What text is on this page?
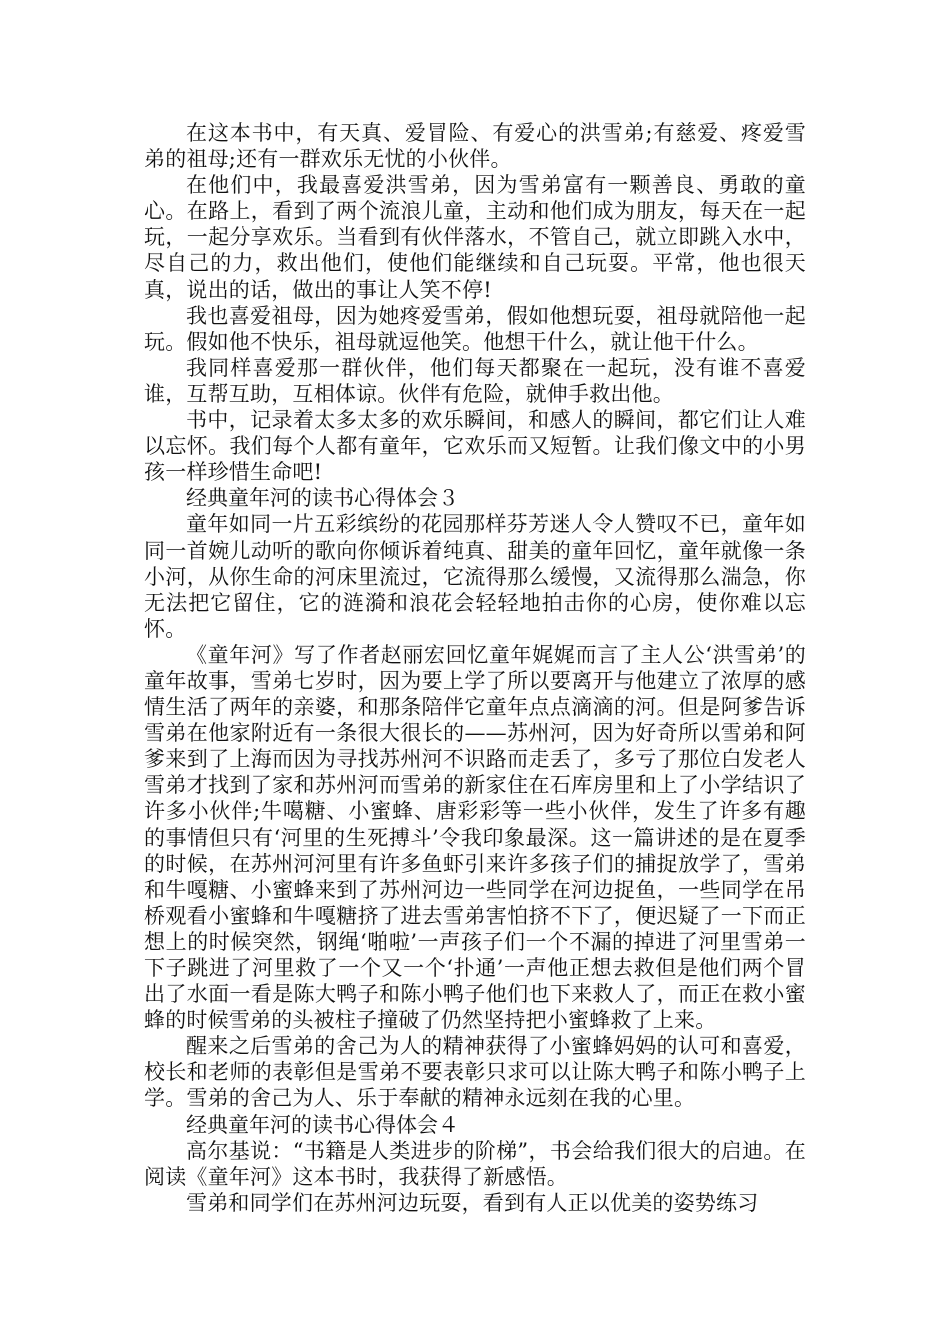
在这本书中，有天真、爱冒险、有爱心的洪雪弟;有慈爱、疼爱雪弟的祖母;还有一群欢乐无忧的小伙伴。

在他们中，我最喜爱洪雪弟，因为雪弟富有一颗善良、勇敢的童心。在路上，看到了两个流浪儿童，主动和他们成为朋友，每天在一起玩，一起分享欢乐。当看到有伙伴落水，不管自己，就立即跳入水中，尽自己的力，救出他们，使他们能继续和自己玩耍。平常，他也很天真，说出的话，做出的事让人笑不停!

我也喜爱祖母，因为她疼爱雪弟，假如他想玩耍，祖母就陪他一起玩。假如他不快乐，祖母就逗他笑。他想干什么，就让他干什么。

我同样喜爱那一群伙伴，他们每天都聚在一起玩，没有谁不喜爱谁，互帮互助，互相体谅。伙伴有危险，就伸手救出他。

书中，记录着太多太多的欢乐瞬间，和感人的瞬间，都它们让人难以忘怀。我们每个人都有童年，它欢乐而又短暂。让我们像文中的小男孩一样珍惜生命吧!

经典童年河的读书心得体会３

童年如同一片五彩缤纷的花园那样芬芳迷人令人赞叹不已，童年如同一首婉儿动听的歌向你倾诉着纯真、甜美的童年回忆，童年就像一条小河，从你生命的河床里流过，它流得那么缓慢，又流得那么湍急，你无法把它留住，它的涟漪和浪花会轻轻地拍击你的心房，使你难以忘怀。

《童年河》写了作者赵丽宏回忆童年娓娓而言了主人公‘洪雪弟’的童年故事，雪弟七岁时，因为要上学了所以要离开与他建立了浓厚的感情生活了两年的亲婆，和那条陪伴它童年点点滴滴的河。但是阿爹告诉雪弟在他家附近有一条很大很长的——苏州河，因为好奇所以雪弟和阿爹来到了上海而因为寻找苏州河不识路而走丢了，多亏了那位白发老人雪弟才找到了家和苏州河而雪弟的新家住在石库房里和上了小学结识了许多小伙伴;牛噶糖、小蜜蜂、唐彩彩等一些小伙伴，发生了许多有趣的事情但只有‘河里的生死搏斗’令我印象最深。这一篇讲述的是在夏季的时候，在苏州河河里有许多鱼虾引来许多孩子们的捕捉放学了，雪弟和牛嘎糖、小蜜蜂来到了苏州河边一些同学在河边捉鱼，一些同学在吊桥观看小蜜蜂和牛嘎糖挤了进去雪弟害怕挤不下了，便迟疑了一下而正想上的时候突然，钢绳‘啪啦’一声孩子们一个不漏的掉进了河里雪弟一下子跳进了河里救了一个又一个‘扑通’一声他正想去救但是他们两个冒出了水面一看是陈大鸭子和陈小鸭子他们也下来救人了，而正在救小蜜蜂的时候雪弟的头被柱子撞破了仍然坚持把小蜜蜂救了上来。

醒来之后雪弟的舍己为人的精神获得了小蜜蜂妈妈的认可和喜爱，校长和老师的表彰但是雪弟不要表彰只求可以让陈大鸭子和陈小鸭子上学。雪弟的舍己为人、乐于奉献的精神永远刻在我的心里。

经典童年河的读书心得体会４

高尔基说：“书籍是人类进步的阶梯”，书会给我们很大的启迪。在阅读《童年河》这本书时，我获得了新感悟。

雪弟和同学们在苏州河边玩耍，看到有人正以优美的姿势练习
